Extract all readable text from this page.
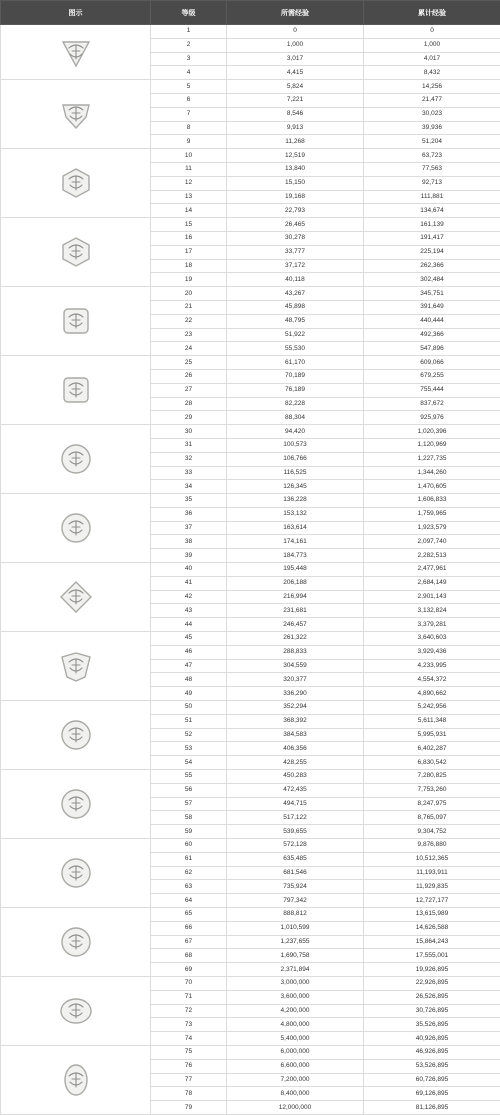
图示	等级	所需经验	累计经验

	1	0	0
	2	1,000	1,000
	3	3,017	4,017
	4	4,415	8,432

	5	5,824	14,256
	6	7,221	21,477
	7	8,546	30,023
	8	9,913	39,936
	9	11,268	51,204

	10	12,519	63,723
	11	13,840	77,563
	12	15,150	92,713
	13	19,168	111,881
	14	22,793	134,674

	15	26,465	161,139
	16	30,278	191,417
	17	33,777	225,194
	18	37,172	262,366
	19	40,118	302,484

	20	43,267	345,751
	21	45,898	391,649
	22	48,795	440,444
	23	51,922	492,366
	24	55,530	547,896

	25	61,170	609,066
	26	70,189	679,255
	27	76,189	755,444
	28	82,228	837,672
	29	88,304	925,976

	30	94,420	1,020,396
	31	100,573	1,120,969
	32	106,766	1,227,735
	33	116,525	1,344,260
	34	126,345	1,470,605

	35	136,228	1,606,833
	36	153,132	1,759,965
	37	163,614	1,923,579
	38	174,161	2,097,740
	39	184,773	2,282,513

	40	195,448	2,477,961
	41	206,188	2,684,149
	42	216,994	2,901,143
	43	231,681	3,132,824
	44	246,457	3,379,281

	45	261,322	3,640,603
	46	288,833	3,929,436
	47	304,559	4,233,995
	48	320,377	4,554,372
	49	336,290	4,890,662

	50	352,294	5,242,956
	51	368,392	5,611,348
	52	384,583	5,995,931
	53	406,356	6,402,287
	54	428,255	6,830,542

	55	450,283	7,280,825
	56	472,435	7,753,260
	57	494,715	8,247,975
	58	517,122	8,765,097
	59	539,655	9,304,752

	60	572,128	9,876,880
	61	635,485	10,512,365
	62	681,546	11,193,911
	63	735,924	11,929,835
	64	797,342	12,727,177

	65	888,812	13,615,989
	66	1,010,599	14,626,588
	67	1,237,655	15,864,243
	68	1,690,758	17,555,001
	69	2,371,894	19,926,895

	70	3,000,000	22,926,895
	71	3,600,000	26,526,895
	72	4,200,000	30,726,895
	73	4,800,000	35,526,895
	74	5,400,000	40,926,895

	75	6,000,000	46,926,895
	76	6,600,000	53,526,895
	77	7,200,000	60,726,895
	78	8,400,000	69,126,895
	79	12,000,000	81,126,895
